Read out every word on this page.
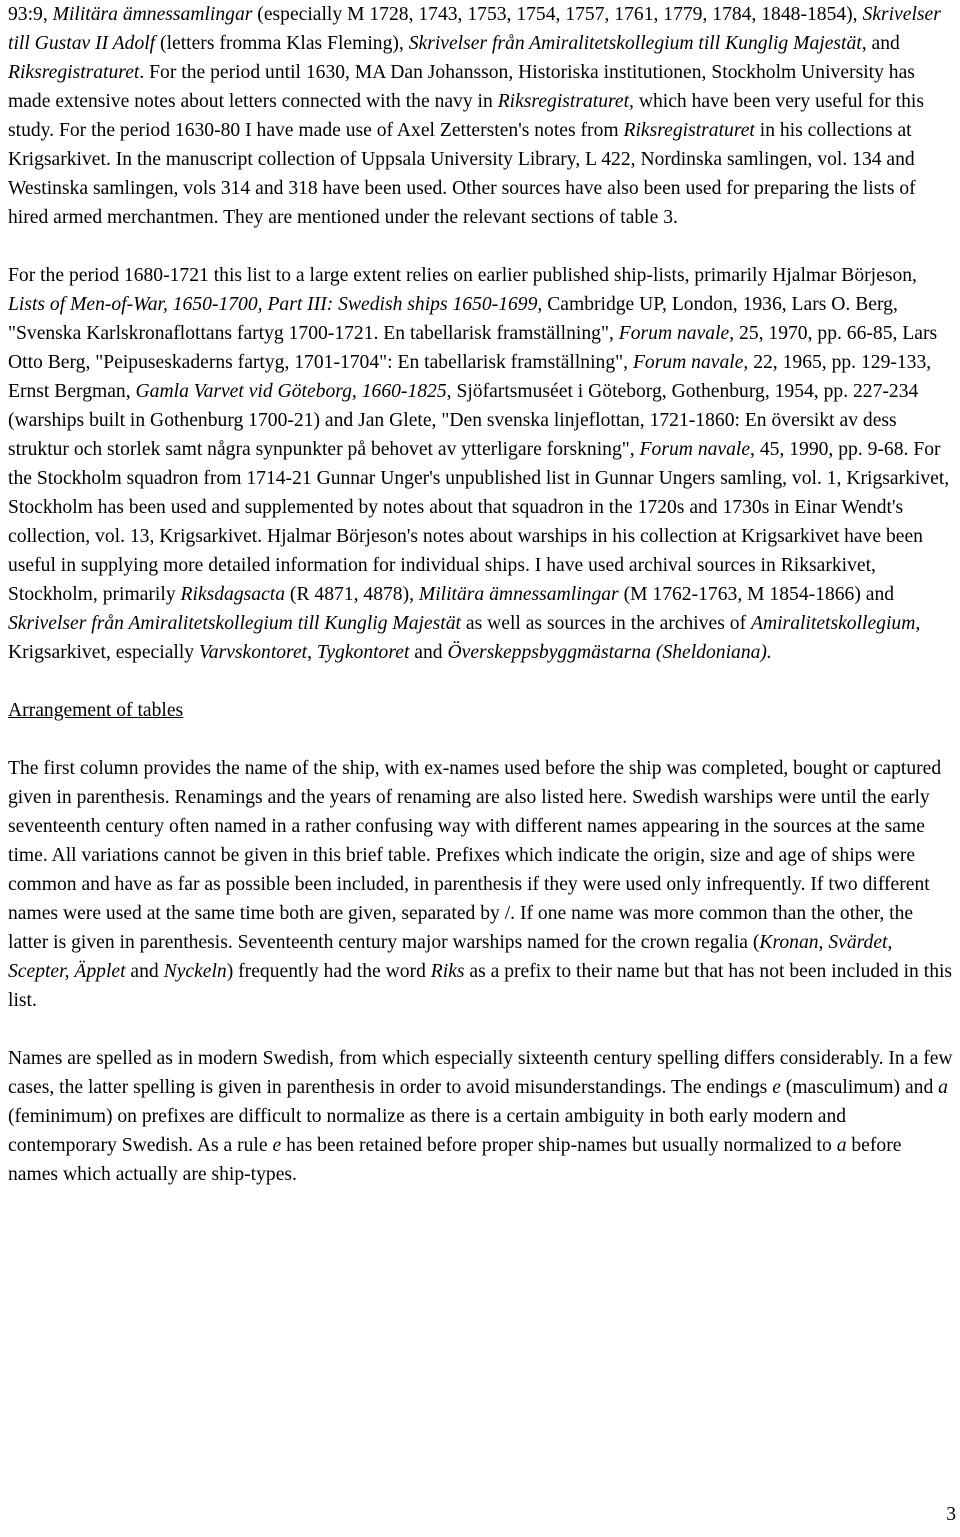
93:9, Militära ämnessamlingar (especially M 1728, 1743, 1753, 1754, 1757, 1761, 1779, 1784, 1848-1854), Skrivelser till Gustav II Adolf (letters fromma Klas Fleming), Skrivelser från Amiralitetskollegium till Kunglig Majestät, and Riksregistraturet. For the period until 1630, MA Dan Johansson, Historiska institutionen, Stockholm University has made extensive notes about letters connected with the navy in Riksregistraturet, which have been very useful for this study. For the period 1630-80 I have made use of Axel Zettersten's notes from Riksregistraturet in his collections at Krigsarkivet. In the manuscript collection of Uppsala University Library, L 422, Nordinska samlingen, vol. 134 and Westinska samlingen, vols 314 and 318 have been used. Other sources have also been used for preparing the lists of hired armed merchantmen. They are mentioned under the relevant sections of table 3.

For the period 1680-1721 this list to a large extent relies on earlier published ship-lists, primarily Hjalmar Börjeson, Lists of Men-of-War, 1650-1700, Part III: Swedish ships 1650-1699, Cambridge UP, London, 1936, Lars O. Berg, "Svenska Karlskronaflottans fartyg 1700-1721. En tabellarisk framställning", Forum navale, 25, 1970, pp. 66-85, Lars Otto Berg, "Peipuseskaderns fartyg, 1701-1704": En tabellarisk framställning", Forum navale, 22, 1965, pp. 129-133, Ernst Bergman, Gamla Varvet vid Göteborg, 1660-1825, Sjöfartsmuséet i Göteborg, Gothenburg, 1954, pp. 227-234 (warships built in Gothenburg 1700-21) and Jan Glete, "Den svenska linjeflottan, 1721-1860: En översikt av dess struktur och storlek samt några synpunkter på behovet av ytterligare forskning", Forum navale, 45, 1990, pp. 9-68. For the Stockholm squadron from 1714-21 Gunnar Unger's unpublished list in Gunnar Ungers samling, vol. 1, Krigsarkivet, Stockholm has been used and supplemented by notes about that squadron in the 1720s and 1730s in Einar Wendt's collection, vol. 13, Krigsarkivet. Hjalmar Börjeson's notes about warships in his collection at Krigsarkivet have been useful in supplying more detailed information for individual ships. I have used archival sources in Riksarkivet, Stockholm, primarily Riksdagsacta (R 4871, 4878), Militära ämnessamlingar (M 1762-1763, M 1854-1866) and Skrivelser från Amiralitetskollegium till Kunglig Majestät as well as sources in the archives of Amiralitetskollegium, Krigsarkivet, especially Varvskontoret, Tygkontoret and Överskeppsbyggmästarna (Sheldoniana).

Arrangement of tables

The first column provides the name of the ship, with ex-names used before the ship was completed, bought or captured given in parenthesis. Renamings and the years of renaming are also listed here. Swedish warships were until the early seventeenth century often named in a rather confusing way with different names appearing in the sources at the same time. All variations cannot be given in this brief table. Prefixes which indicate the origin, size and age of ships were common and have as far as possible been included, in parenthesis if they were used only infrequently. If two different names were used at the same time both are given, separated by /. If one name was more common than the other, the latter is given in parenthesis. Seventeenth century major warships named for the crown regalia (Kronan, Svärdet, Scepter, Äpplet and Nyckeln) frequently had the word Riks as a prefix to their name but that has not been included in this list.

Names are spelled as in modern Swedish, from which especially sixteenth century spelling differs considerably. In a few cases, the latter spelling is given in parenthesis in order to avoid misunderstandings. The endings e (masculimum) and a (feminimum) on prefixes are difficult to normalize as there is a certain ambiguity in both early modern and contemporary Swedish. As a rule e has been retained before proper ship-names but usually normalized to a before names which actually are ship-types.

3
